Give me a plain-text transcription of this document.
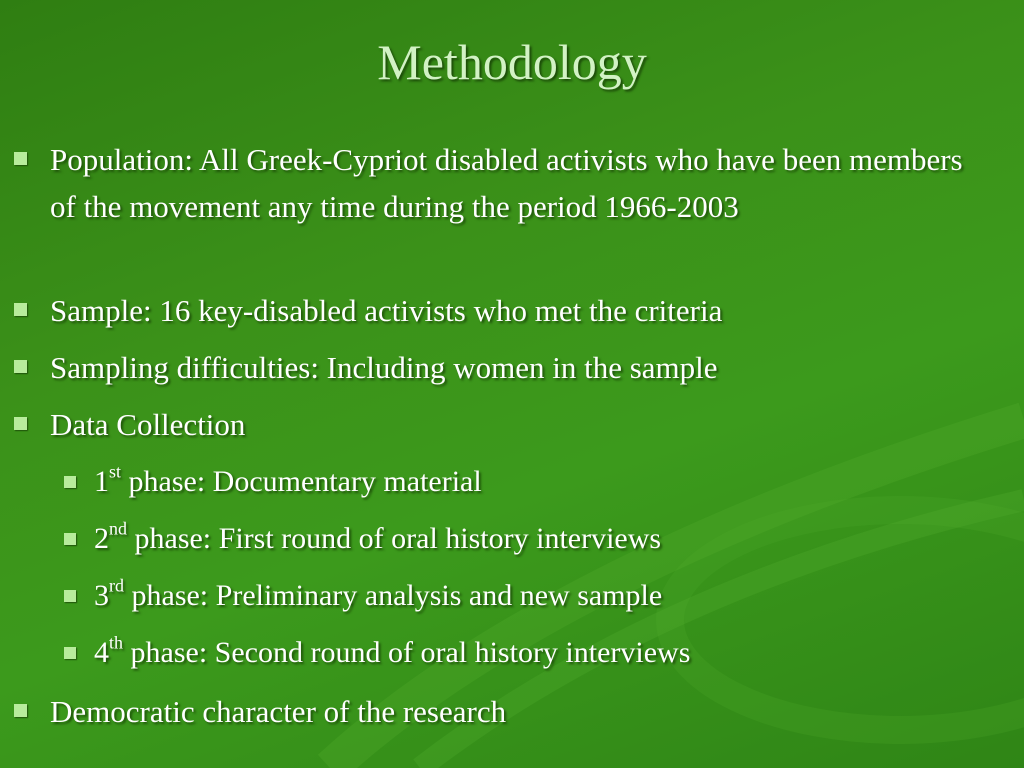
Methodology
Population: All Greek-Cypriot disabled activists who have been members of the movement any time during the period 1966-2003
Sample: 16 key-disabled activists who met the criteria
Sampling difficulties: Including women in the sample
Data Collection
1st phase: Documentary material
2nd phase: First round of oral history interviews
3rd phase: Preliminary analysis and new sample
4th phase: Second round of oral history interviews
Democratic character of the research
